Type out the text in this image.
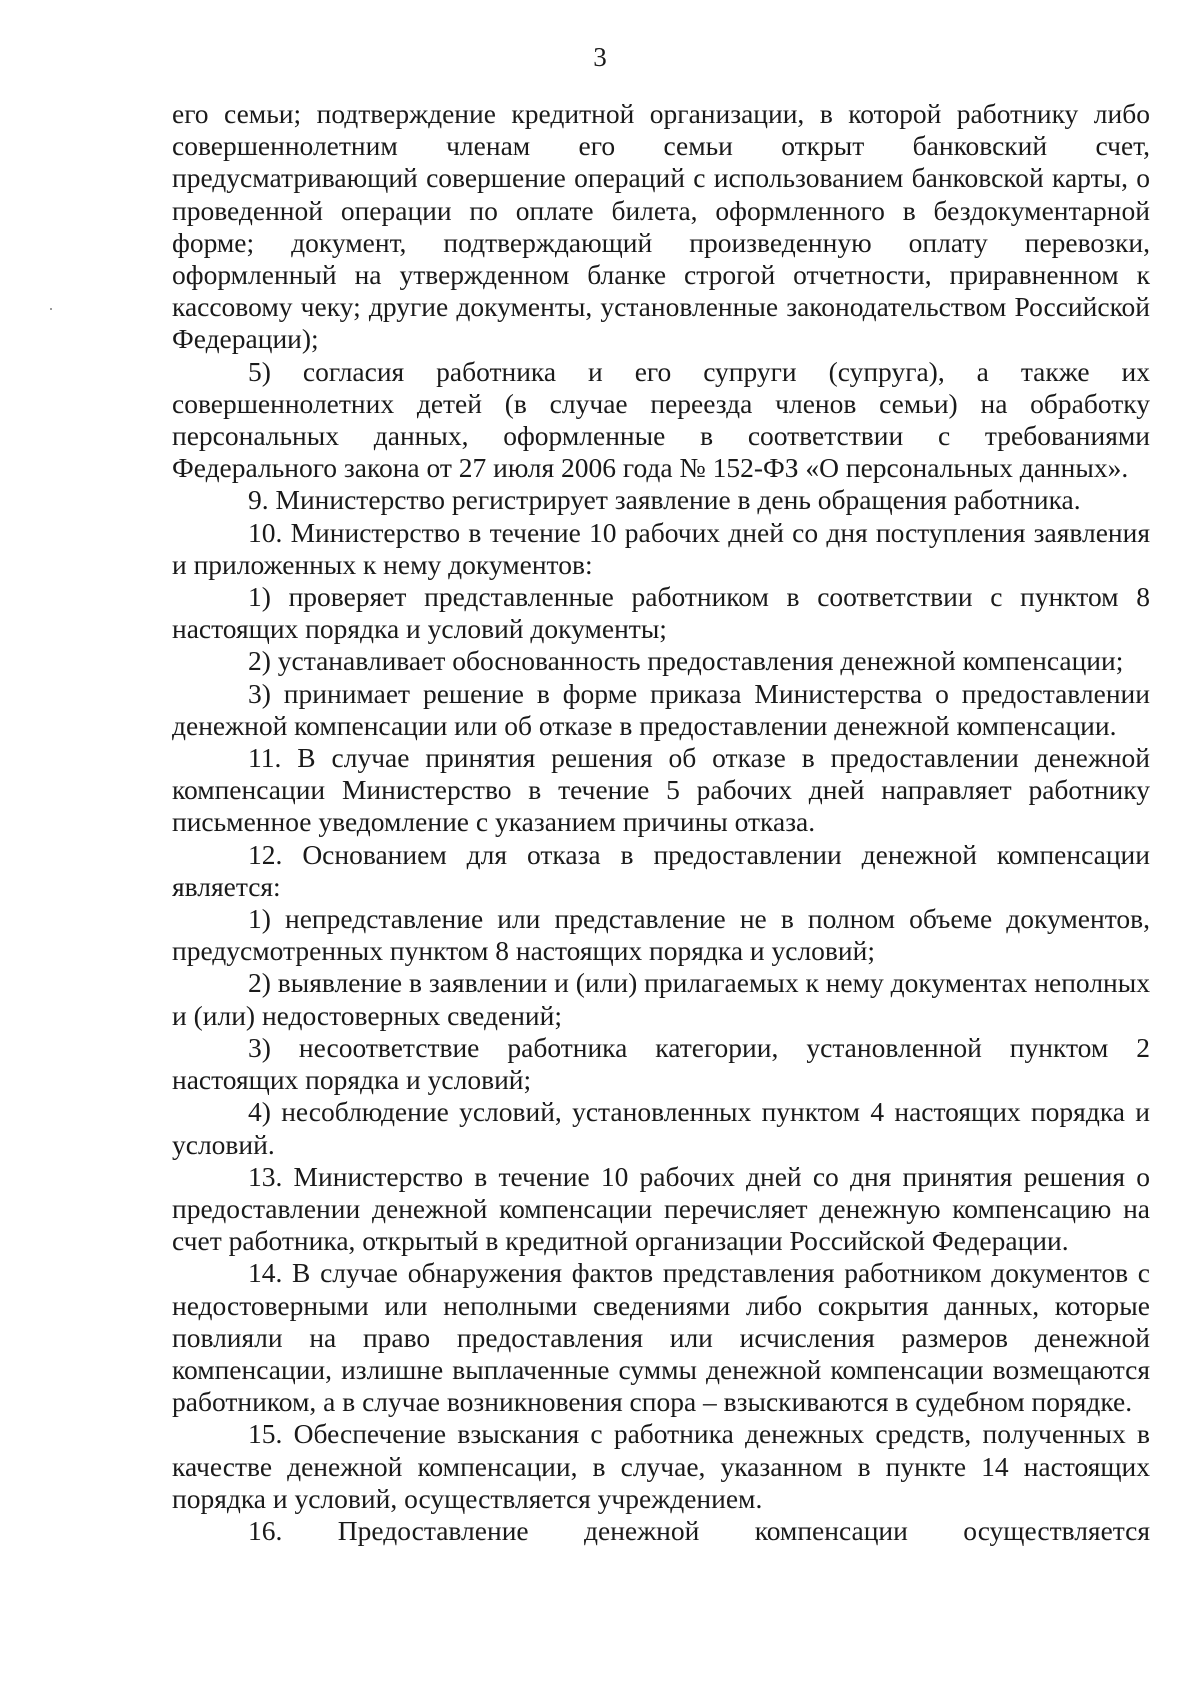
3

его семьи; подтверждение кредитной организации, в которой работнику либо совершеннолетним членам его семьи открыт банковский счет, предусматривающий совершение операций с использованием банковской карты, о проведенной операции по оплате билета, оформленного в бездокументарной форме; документ, подтверждающий произведенную оплату перевозки, оформленный на утвержденном бланке строгой отчетности, приравненном к кассовому чеку; другие документы, установленные законодательством Российской Федерации);

5) согласия работника и его супруги (супруга), а также их совершеннолетних детей (в случае переезда членов семьи) на обработку персональных данных, оформленные в соответствии с требованиями Федерального закона от 27 июля 2006 года № 152-ФЗ «О персональных данных».

9. Министерство регистрирует заявление в день обращения работника.

10. Министерство в течение 10 рабочих дней со дня поступления заявления и приложенных к нему документов:

1) проверяет представленные работником в соответствии с пунктом 8 настоящих порядка и условий документы;

2) устанавливает обоснованность предоставления денежной компенсации;

3) принимает решение в форме приказа Министерства о предоставлении денежной компенсации или об отказе в предоставлении денежной компенсации.

11. В случае принятия решения об отказе в предоставлении денежной компенсации Министерство в течение 5 рабочих дней направляет работнику письменное уведомление с указанием причины отказа.

12. Основанием для отказа в предоставлении денежной компенсации является:

1) непредставление или представление не в полном объеме документов, предусмотренных пунктом 8 настоящих порядка и условий;

2) выявление в заявлении и (или) прилагаемых к нему документах неполных и (или) недостоверных сведений;

3) несоответствие работника категории, установленной пунктом 2 настоящих порядка и условий;

4) несоблюдение условий, установленных пунктом 4 настоящих порядка и условий.

13. Министерство в течение 10 рабочих дней со дня принятия решения о предоставлении денежной компенсации перечисляет денежную компенсацию на счет работника, открытый в кредитной организации Российской Федерации.

14. В случае обнаружения фактов представления работником документов с недостоверными или неполными сведениями либо сокрытия данных, которые повлияли на право предоставления или исчисления размеров денежной компенсации, излишне выплаченные суммы денежной компенсации возмещаются работником, а в случае возникновения спора – взыскиваются в судебном порядке.

15. Обеспечение взыскания с работника денежных средств, полученных в качестве денежной компенсации, в случае, указанном в пункте 14 настоящих порядка и условий, осуществляется учреждением.

16. Предоставление денежной компенсации осуществляется
